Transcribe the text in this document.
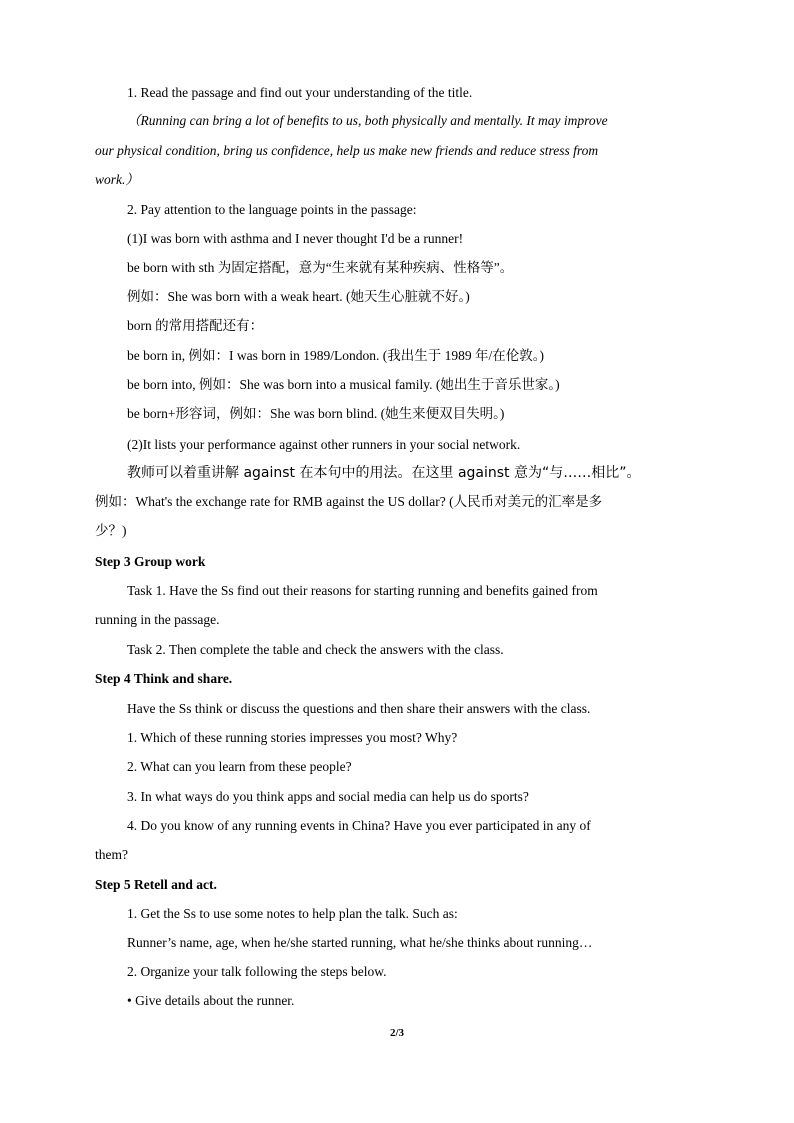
1. Read the passage and find out your understanding of the title.
（Running can bring a lot of benefits to us, both physically and mentally. It may improve
our physical condition, bring us confidence, help us make new friends and reduce stress from
work.）
2. Pay attention to the language points in the passage:
(1)I was born with asthma and I never thought I'd be a runner!
be born with sth 为固定搭配，意为“生来就有某种疾病、性格等”。
例如：She was born with a weak heart. (她天生心脏就不好。)
born 的常用搭配还有：
be born in, 例如：I was born in 1989/London. (我出生于 1989 年/在伦敦。)
be born into, 例如：She was born into a musical family. (她出生于音乐世家。)
be born+形容词，例如：She was born blind. (她生来便双目失明。)
(2)It lists your performance against other runners in your social network.
教师可以着重讲解 against 在本句中的用法。在这里 against 意为“与……相比”。
例如：What's the exchange rate for RMB against the US dollar? (人民币对美元的汇率是多
少？)
Step 3 Group work
Task 1. Have the Ss find out their reasons for starting running and benefits gained from
running in the passage.
Task 2. Then complete the table and check the answers with the class.
Step 4 Think and share.
Have the Ss think or discuss the questions and then share their answers with the class.
1. Which of these running stories impresses you most? Why?
2. What can you learn from these people?
3. In what ways do you think apps and social media can help us do sports?
4. Do you know of any running events in China? Have you ever participated in any of
them?
Step 5 Retell and act.
1. Get the Ss to use some notes to help plan the talk. Such as:
Runner’s name, age, when he/she started running, what he/she thinks about running…
2. Organize your talk following the steps below.
• Give details about the runner.
2/3
